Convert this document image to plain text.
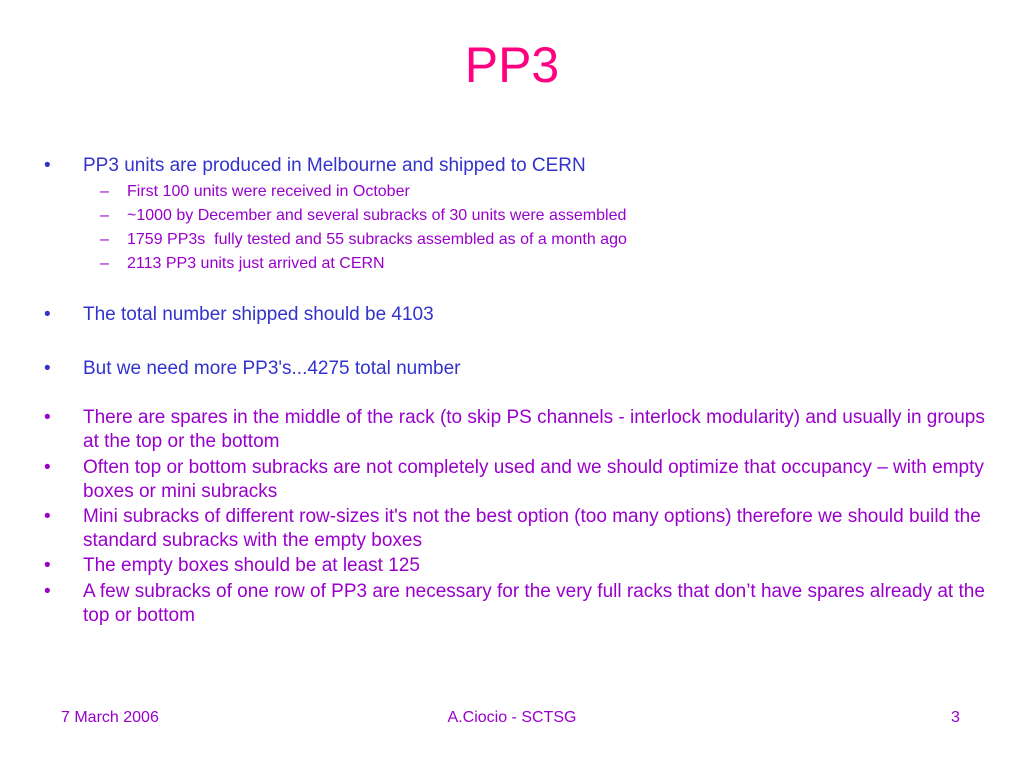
PP3
• PP3 units are produced in Melbourne and shipped to CERN
– First 100 units were received in October
– ~1000 by December and several subracks of 30 units were assembled
– 1759 PP3s  fully tested and 55 subracks assembled as of a month ago
– 2113 PP3 units just arrived at CERN
• The total number shipped should be 4103
• But we need more PP3's...4275 total number
• There are spares in the middle of the rack (to skip PS channels - interlock modularity) and usually in groups at the top or the bottom
• Often top or bottom subracks are not completely used and we should optimize that occupancy – with empty boxes or mini subracks
• Mini subracks of different row-sizes it's not the best option (too many options) therefore we should build the standard subracks with the empty boxes
• The empty boxes should be at least 125
• A few subracks of one row of PP3 are necessary for the very full racks that don’t have spares already at the top or bottom
7 March 2006	A.Ciocio - SCTSG	3
